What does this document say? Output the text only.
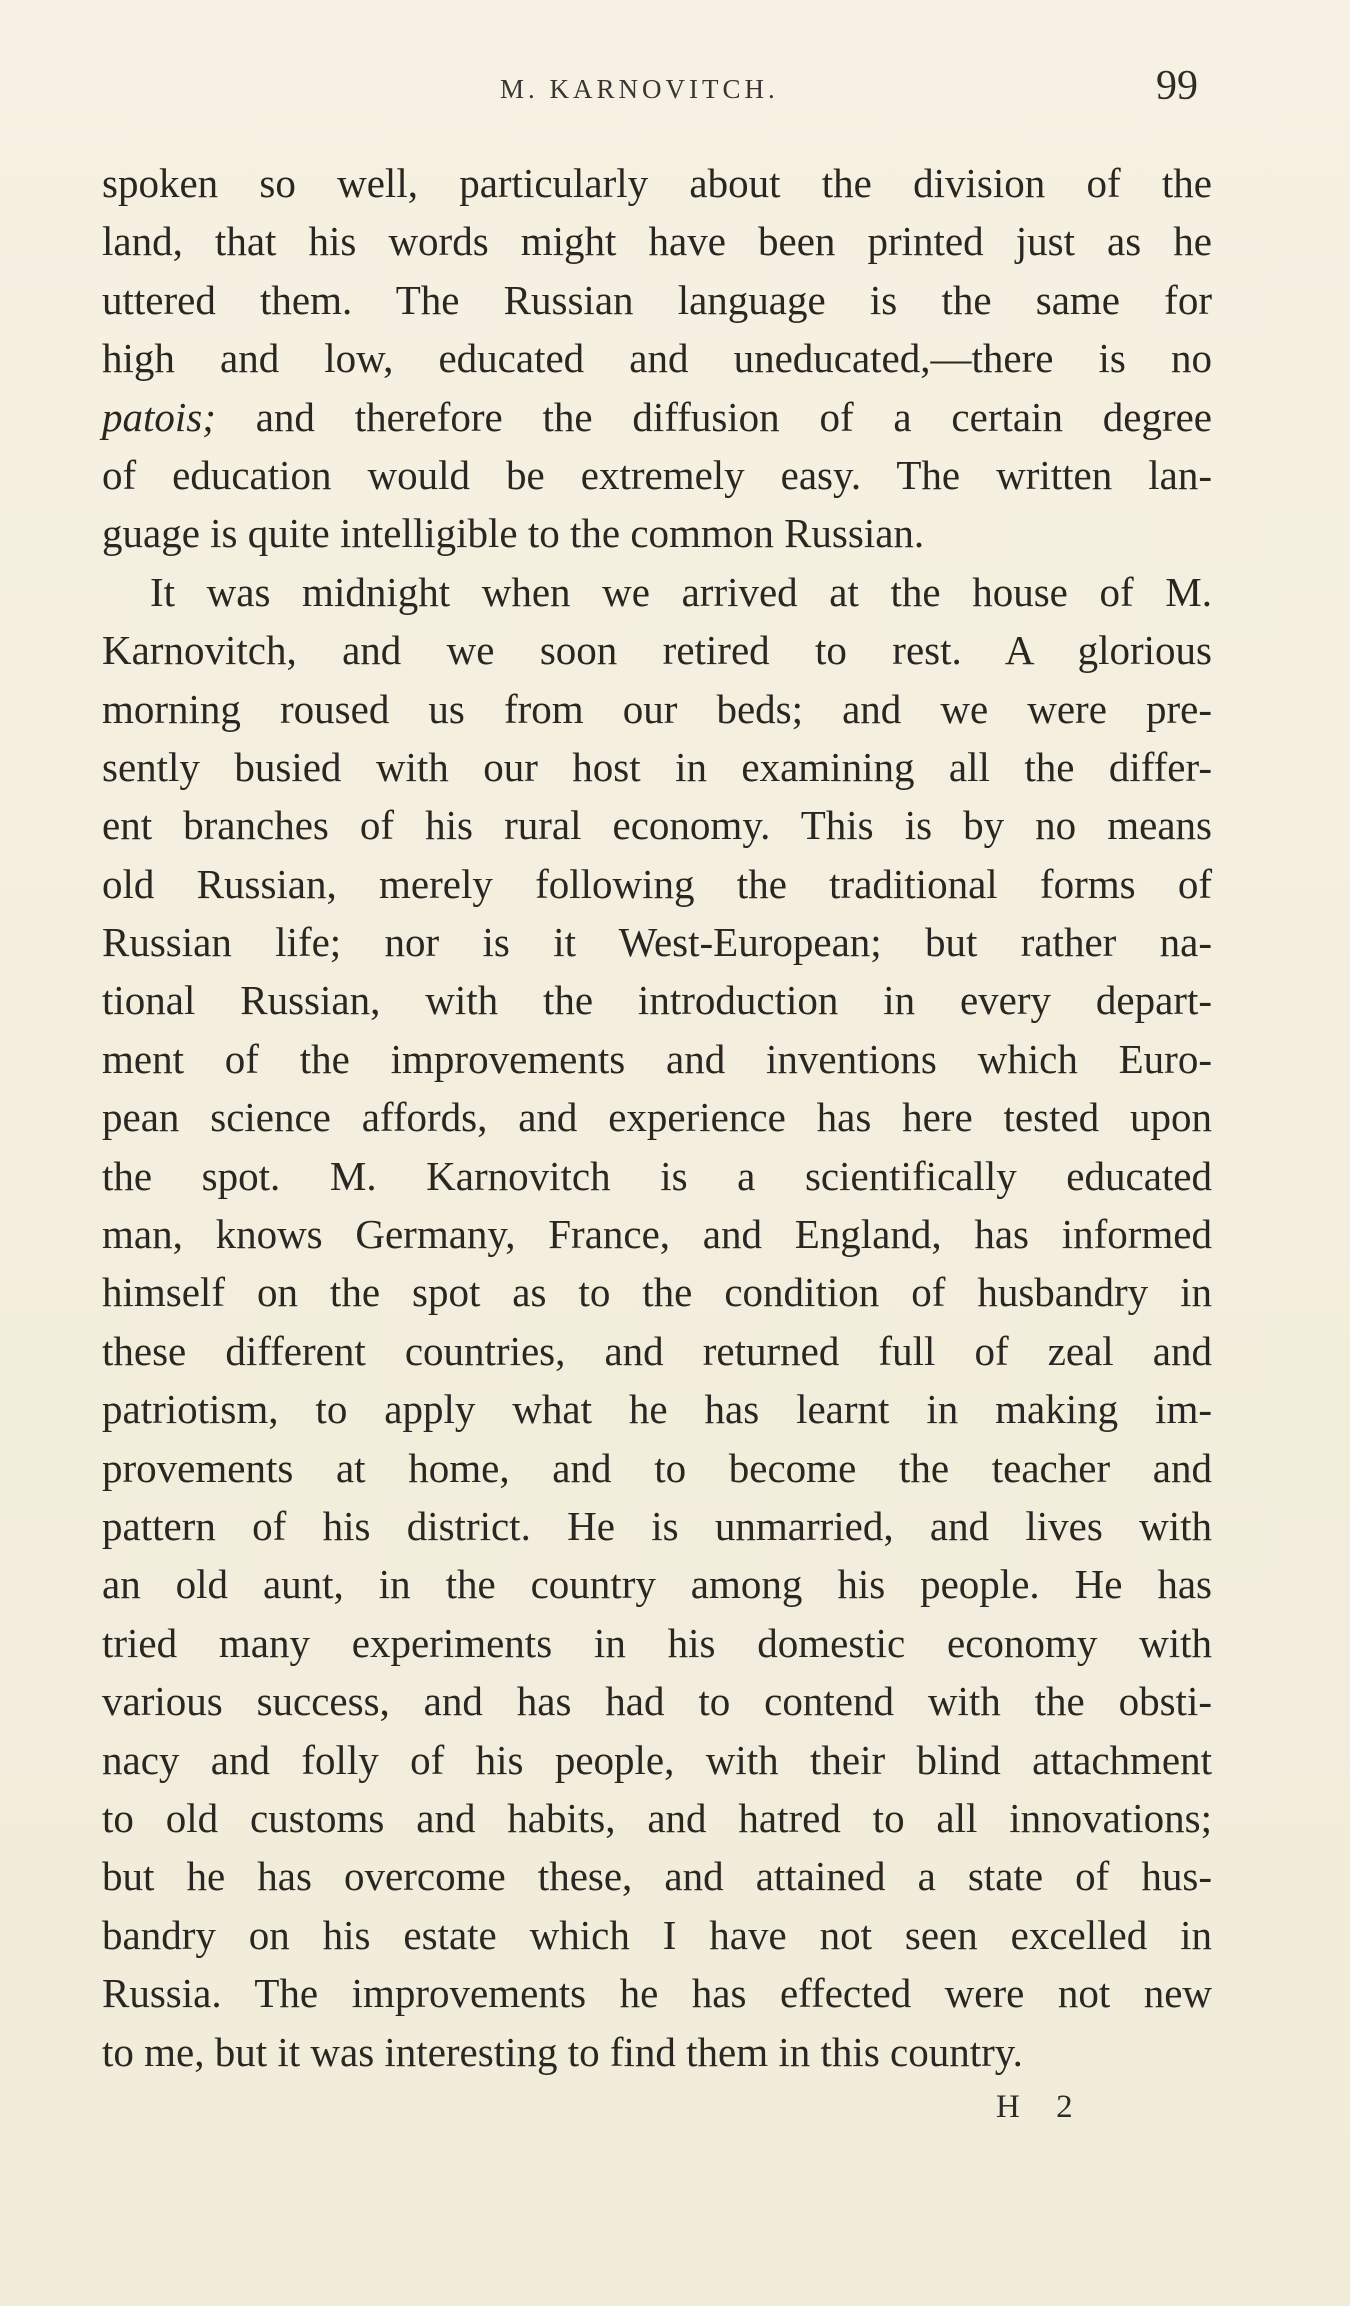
M. KARNOVITCH.	99
spoken so well, particularly about the division of the
land, that his words might have been printed just as he
uttered them. The Russian language is the same for
high and low, educated and uneducated,—there is no
patois; and therefore the diffusion of a certain degree
of education would be extremely easy. The written lan-
guage is quite intelligible to the common Russian.
It was midnight when we arrived at the house of M.
Karnovitch, and we soon retired to rest. A glorious
morning roused us from our beds; and we were pre-
sently busied with our host in examining all the differ-
ent branches of his rural economy. This is by no means
old Russian, merely following the traditional forms of
Russian life; nor is it West-European; but rather na-
tional Russian, with the introduction in every depart-
ment of the improvements and inventions which Euro-
pean science affords, and experience has here tested upon
the spot. M. Karnovitch is a scientifically educated
man, knows Germany, France, and England, has informed
himself on the spot as to the condition of husbandry in
these different countries, and returned full of zeal and
patriotism, to apply what he has learnt in making im-
provements at home, and to become the teacher and
pattern of his district. He is unmarried, and lives with
an old aunt, in the country among his people. He has
tried many experiments in his domestic economy with
various success, and has had to contend with the obsti-
nacy and folly of his people, with their blind attachment
to old customs and habits, and hatred to all innovations;
but he has overcome these, and attained a state of hus-
bandry on his estate which I have not seen excelled in
Russia. The improvements he has effected were not new
to me, but it was interesting to find them in this country.
H 2
